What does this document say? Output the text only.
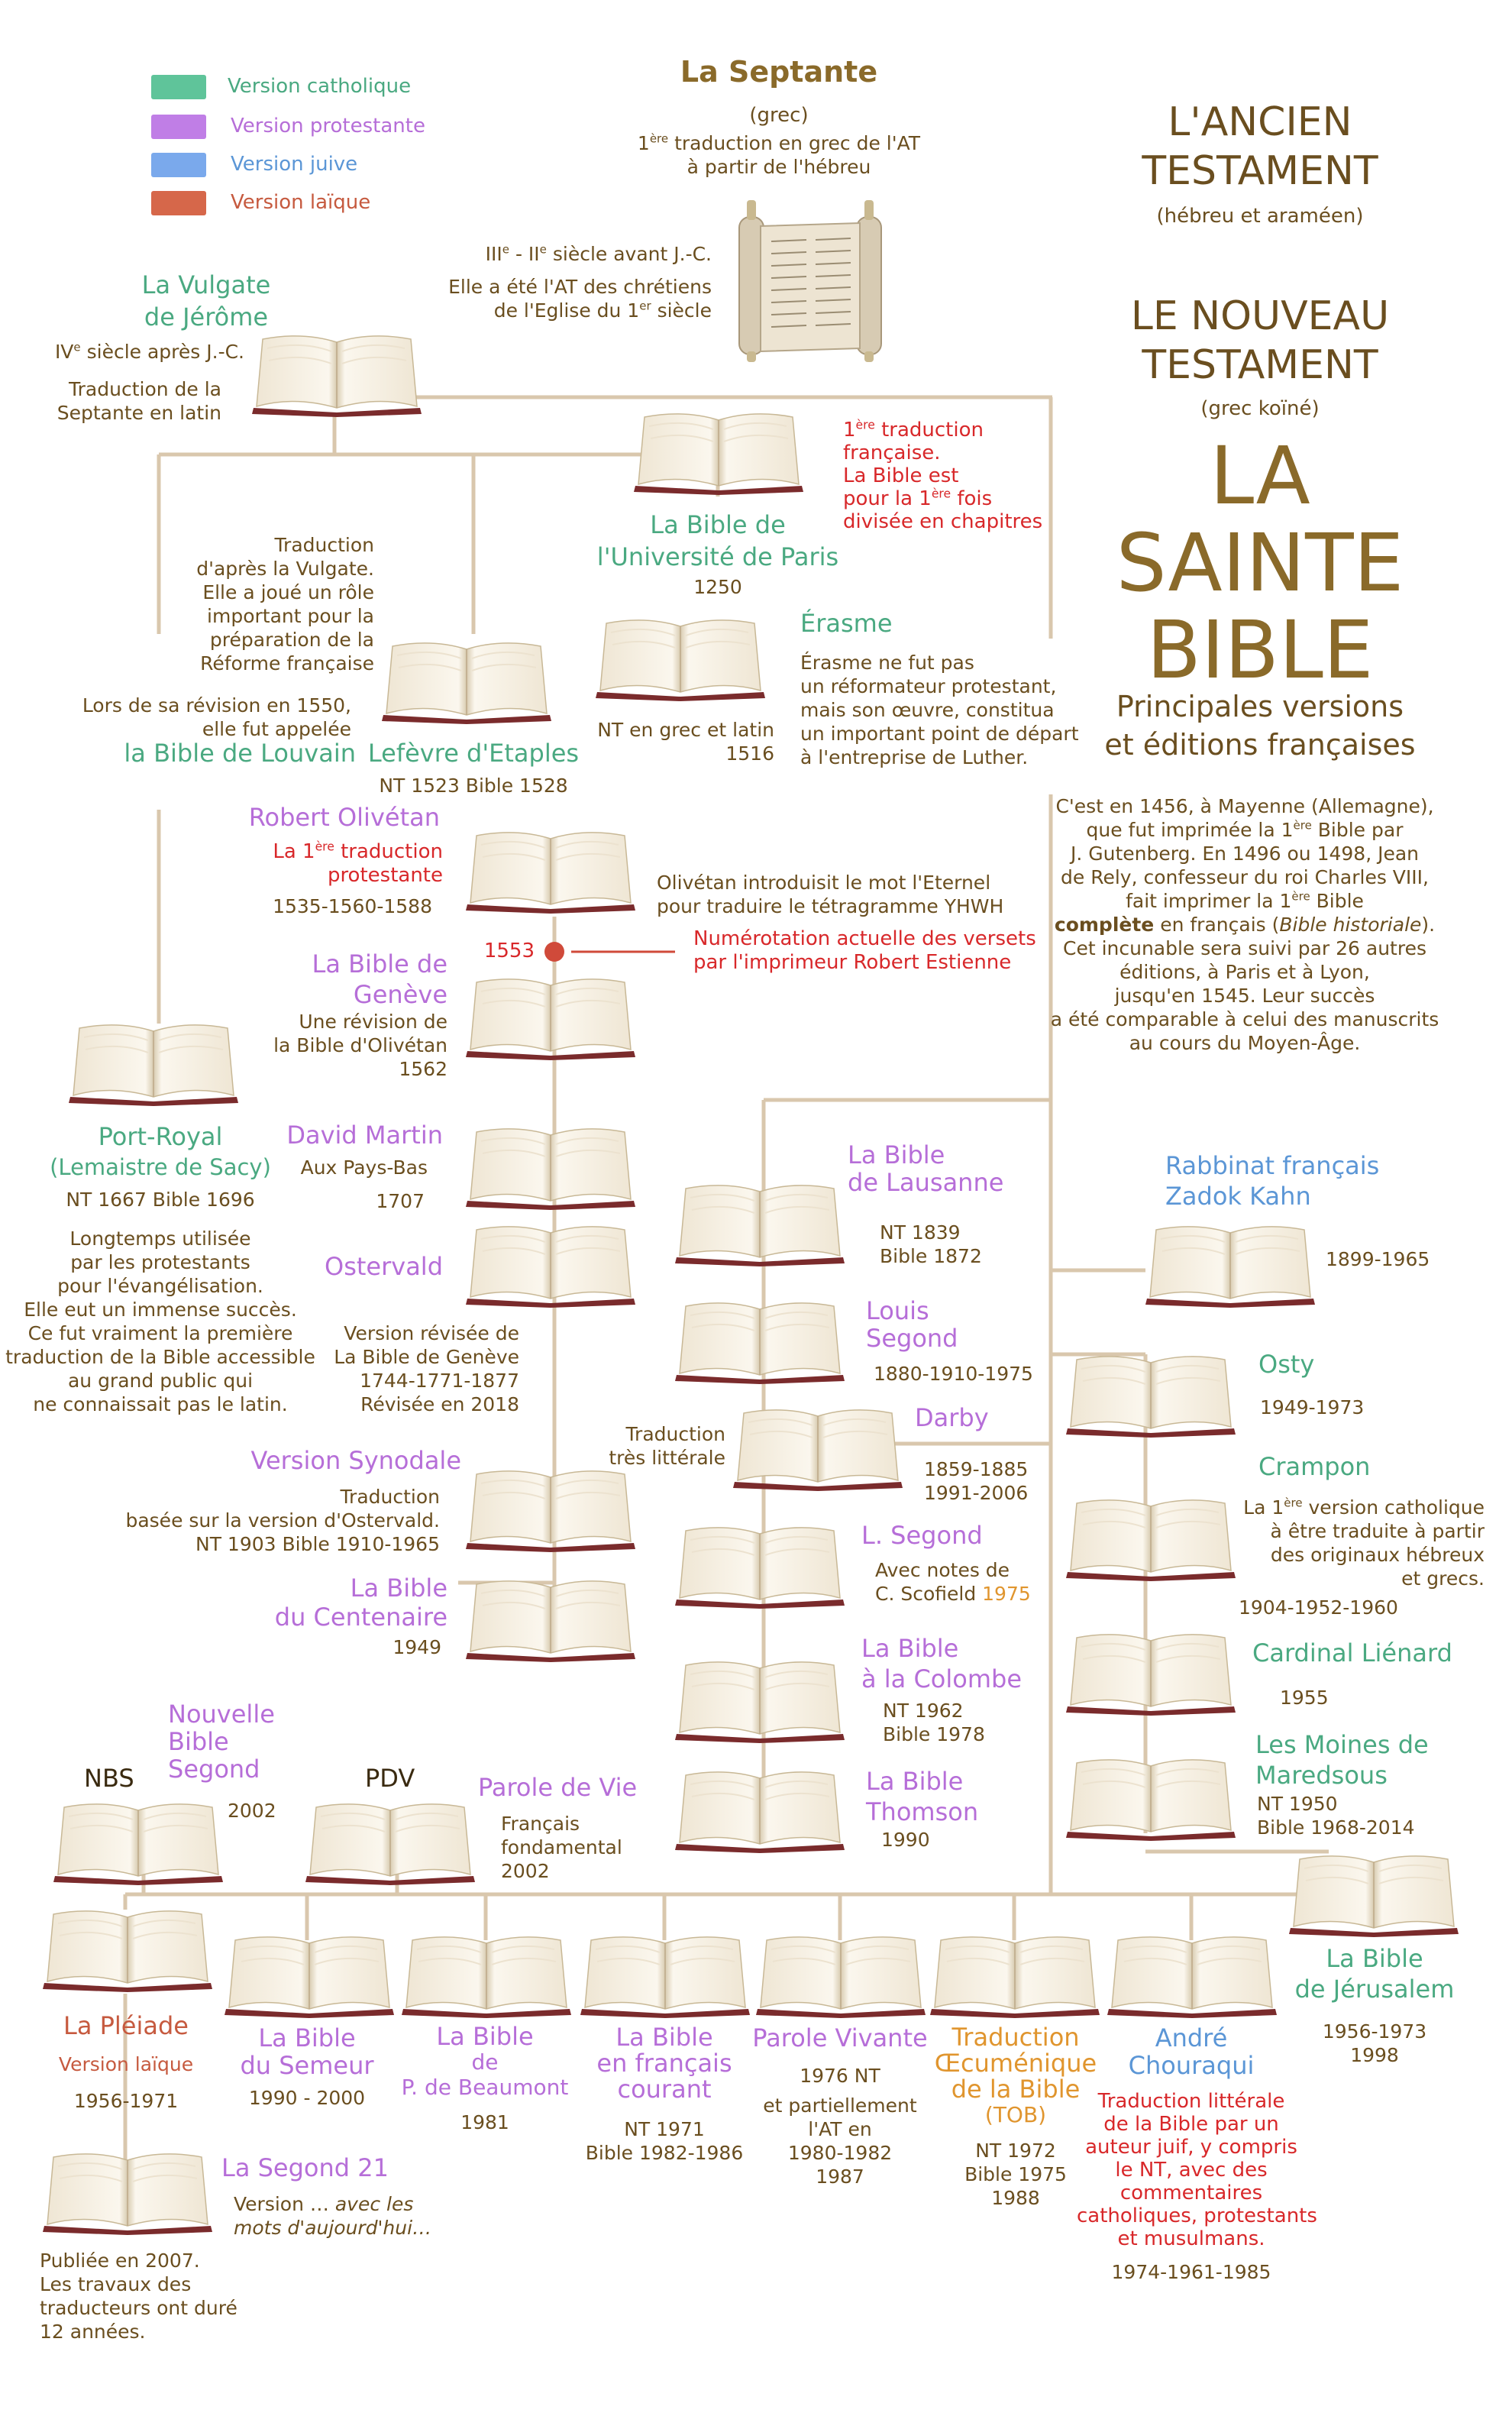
Version catholique
Version protestante
Version juive
Version laïque
L'ANCIEN
TESTAMENT
(hébreu et araméen)
LE NOUVEAU
TESTAMENT
(grec koïné)
LA
SAINTE
BIBLE
Principales versions
et éditions françaises
La Septante
(grec)
1ère traduction en grec de l'AT
à partir de l'hébreu
IIIe - IIe siècle avant J.-C.
Elle a été l'AT des chrétiens
de l'Eglise du 1er siècle
La Vulgate
de Jérôme
IVe siècle après J.-C.
Traduction de la
Septante en latin
1ère traduction
française.
La Bible est
pour la 1ère fois
divisée en chapitres
La Bible de
l'Université de Paris
1250
Traduction
d'après la Vulgate.
Elle a joué un rôle
important pour la
préparation de la
Réforme française
Lors de sa révision en 1550,
elle fut appelée
la Bible de Louvain Lefèvre d'Etaples
NT 1523 Bible 1528
Érasme
Érasme ne fut pas
un réformateur protestant,
mais son œuvre, constitua
un important point de départ
à l'entreprise de Luther.
NT en grec et latin
1516
C'est en 1456, à Mayenne (Allemagne),
que fut imprimée la 1ère Bible par
J. Gutenberg. En 1496 ou 1498, Jean
de Rely, confesseur du roi Charles VIII,
fait imprimer la 1ère Bible
complète en français (Bible historiale).
Cet incunable sera suivi par 26 autres
éditions, à Paris et à Lyon,
jusqu'en 1545. Leur succès
a été comparable à celui des manuscrits
au cours du Moyen-Âge.
Robert Olivétan
La 1ère traduction
protestante
1535-1560-1588
Olivétan introduisit le mot l'Eternel
pour traduire le tétragramme YHWH
1553
Numérotation actuelle des versets
par l'imprimeur Robert Estienne
La Bible de
Genève
Une révision de
la Bible d'Olivétan
1562
Port-Royal
(Lemaistre de Sacy)
NT 1667 Bible 1696
Longtemps utilisée
par les protestants
pour l'évangélisation.
Elle eut un immense succès.
Ce fut vraiment la première
traduction de la Bible accessible
au grand public qui
ne connaissait pas le latin.
David Martin
Aux Pays-Bas
1707
Ostervald
Version révisée de
La Bible de Genève
1744-1771-1877
Révisée en 2018
Version Synodale
Traduction
basée sur la version d'Ostervald.
NT 1903 Bible 1910-1965
La Bible
du Centenaire
1949
La Bible
de Lausanne
NT 1839
Bible 1872
Louis
Segond
1880-1910-1975
Traduction
très littérale
Darby
1859-1885
1991-2006
L. Segond
Avec notes de
C. Scofield 1975
La Bible
à la Colombe
NT 1962
Bible 1978
La Bible
Thomson
1990
Rabbinat français
Zadok Kahn
1899-1965
Osty
1949-1973
Crampon
La 1ère version catholique
à être traduite à partir
des originaux hébreux
et grecs.
1904-1952-1960
Cardinal Liénard
1955
Les Moines de
Maredsous
NT 1950
Bible 1968-2014
La Bible
de Jérusalem
1956-1973
1998
NBS
Nouvelle
Bible
Segond
2002
PDV	Parole de Vie
Français
fondamental
2002
La Pléiade
Version laïque
1956-1971
La Bible
du Semeur
1990 - 2000
La Bible
de
P. de Beaumont
1981
La Bible
en français
courant
NT 1971
Bible 1982-1986
Parole Vivante
1976 NT
et partiellement
l'AT en
1980-1982
1987
Traduction
Œcuménique
de la Bible
(TOB)
NT 1972
Bible 1975
1988
André
Chouraqui
Traduction littérale
de la Bible par un
auteur juif, y compris
le NT, avec des
commentaires
catholiques, protestants
et musulmans.
1974-1961-1985
La Segond 21
Version … avec les
mots d'aujourd'hui…
Publiée en 2007.
Les travaux des
traducteurs ont duré
12 années.
